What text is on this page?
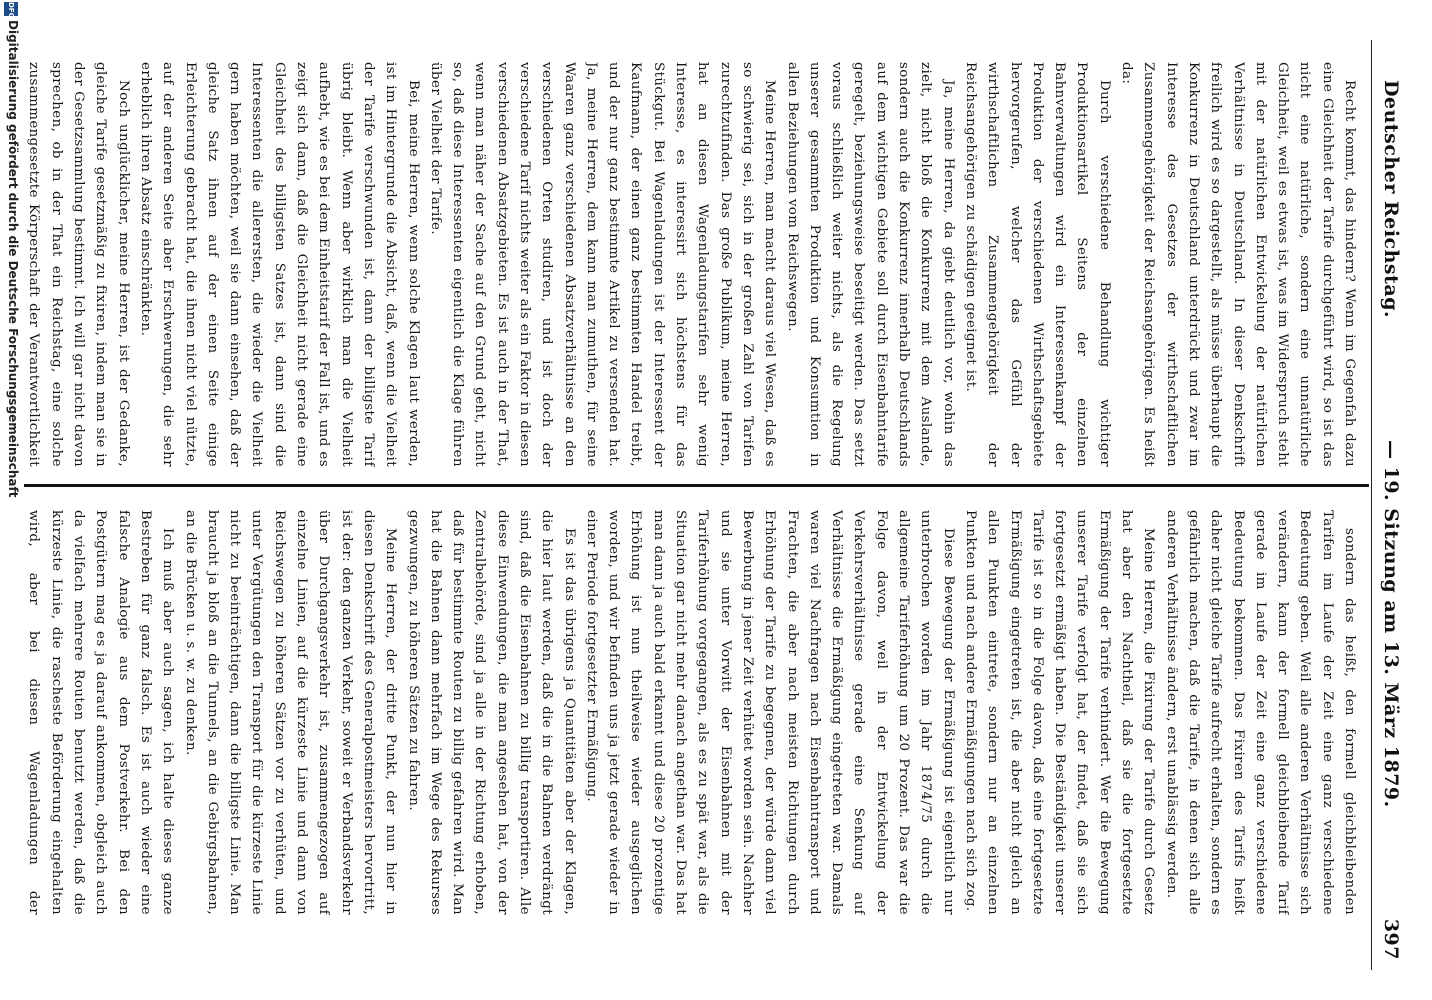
Deutscher Reichstag.
— 19. Sitzung am 13. März 1879.
397

Recht kommt, das hindern? Wenn im Gegenfah dazu eine Gleichheit der Tarife durchgeführt wird, so ist das nicht eine natürliche, sondern eine unnatürliche Gleichheit, weil es etwas ist, was im Widerspruch steht mit der natürlichen Entwickelung der natürlichen Verhältnisse in Deutschland. In dieser Denkschrift freilich wird es so dargestellt, als müsse überhaupt die Konkurrenz in Deutschland unterdrückt und zwar im Interesse des Gesetzes der wirthschaftlichen Zusammengehörigkeit der Reichsangehörigen. Es heißt da:

Durch verschiedene Behandlung wichtiger Produktionsartikel Seitens der einzelnen Bahnverwaltungen wird ein Interessenkampf der Produktion der verschiedenen Wirthschaftsgebiete hervorgerufen, welcher das Gefühl der wirthschaftlichen Zusammengehörigkeit der Reichsangehörigen zu schädigen geeignet ist.

Ja, meine Herren, da giebt deutlich vor, wohin das zielt, nicht bloß die Konkurrenz mit dem Auslande, sondern auch die Konkurrenz innerhalb Deutschlands auf dem wichtigen Gebiete soll durch Eisenbahntarife geregelt, beziehungsweise beseitigt werden. Das setzt voraus schließlich weiter nichts, als die Regelung unserer gesammten Produktion und Konsumtion in allen Beziehungen vom Reichswegen.

Meine Herren, man macht daraus viel Wesen, daß es so schwierig sei, sich in der großen Zahl von Tarifen zurechtzufinden. Das große Publikum, meine Herren, hat an diesen Wagenladungstarifen sehr wenig Interesse, es interessirt sich höchstens für das Stückgut. Bei Wagenladungen ist der Interessent der Kaufmann, der einen ganz bestimmten Handel treibt, und der nur ganz bestimmte Artikel zu versenden hat. Ja, meine Herren, dem kann man zumuthen, für seine Waaren ganz verschiedenen Absatzverhältnisse an den verschiedenen Orten studiren, und ist doch der verschiedene Tarif nichts weiter als ein Faktor in diesen verschiedenen Absatzgebieten. Es ist auch in der That, wenn man näher der Sache auf den Grund geht, nicht so, daß diese Interessenten eigentlich die Klage führen über Vielheit der Tarife.

Bei, meine Herren, wenn solche Klagen laut werden, ist im Hintergrunde die Absicht, daß, wenn die Vielheit der Tarife verschwunden ist, dann der billigste Tarif übrig bleibt. Wenn aber wirklich man die Vielheit aufhebt, wie es bei dem Einheitstarif der Fall ist, und es zeigt sich dann, daß die Gleichheit nicht gerade eine Gleichheit des billigsten Satzes ist, dann sind die Interessenten die allerersten, die wieder die Vielheit gern haben möchten, weil sie dann einsehen, daß der gleiche Satz ihnen auf der einen Seite einige Erleichterung gebracht hat, die ihnen nicht viel nützte, auf der anderen Seite aber Erschwerungen, die sehr erheblich ihren Absatz einschränkten.

Noch unglücklicher, meine Herren, ist der Gedanke, gleiche Tarife gesetzmäßig zu fixiren, indem man sie in der Gesetzsammlung bestimmt. Ich will gar nicht davon sprechen, ob in der That ein Reichstag, eine solche zusammengesetzte Körperschaft der Verantwortlichkeit

sondern das heißt, den formell gleichbleibenden Tarifen im Laufe der Zeit eine ganz verschiedene Bedeutung geben. Weil alle anderen Verhältnisse sich verändern, kann der formell gleichbleibende Tarif gerade im Laufe der Zeit eine ganz verschiedene Bedeutung bekommen. Das Fixiren des Tarifs heißt daher nicht gleiche Tarife aufrecht erhalten, sondern es gefährlich machen, daß die Tarife, in denen sich alle anderen Verhältnisse ändern, erst unablässig werden.

Meine Herren, die Fixirung der Tarife durch Gesetz hat aber den Nachtheil, daß sie die fortgesetzte Ermäßigung der Tarife verhindert. Wer die Bewegung unserer Tarife verfolgt hat, der findet, daß sie sich fortgesetzt ermäßigt haben. Die Beständigkeit unserer Tarife ist so in die Folge davon, daß eine fortgesetzte Ermäßigung eingetreten ist, die aber nicht gleich an allen Punkten eintrete, sondern nur an einzelnen Punkten und nach andere Ermäßigungen nach sich zog.

Diese Bewegung der Ermäßigung ist eigentlich nur unterbrochen worden im Jahr 1874/75 durch die allgemeine Tariferhöhung um 20 Prozent. Das war die Folge davon, weil in der Entwickelung der Verkehrsverhältnisse gerade eine Senkung auf Verhältnisse die Ermäßigung eingetreten war. Damals waren viel Nachfragen nach Eisenbahntransport und Frachten, die aber nach meisten Richtungen durch Erhöhung der Tarife zu begegnen, der würde dann viel Bewerbung in jener Zeit verhütet worden sein. Nachher und sie unter Vorwitt der Eisenbahnen mit der Tariferhöhung vorgegangen, als es zu spät war, als die Situation gar nicht mehr danach angethan war. Das hat man dann ja auch bald erkannt und diese 20 prozentige Erhöhung ist nun theilweise wieder ausgeglichen worden, und wir befinden uns ja jetzt gerade wieder in einer Periode fortgesetzter Ermäßigung.

Es ist das übrigens ja Quantitäten aber der Klagen, die hier laut werden, daß die in die Bahnen verdrängt sind, daß die Eisenbahnen zu billig transportiren. Alle diese Einwendungen, die man angesehen hat, von der Zentralbehörde, sind ja alle in der Richtung erhoben, daß für bestimmte Routen zu billig gefahren wird. Man hat die Bahnen dann mehrfach im Wege des Rekurses gezwungen, zu höheren Sätzen zu fahren.

Meine Herren, der dritte Punkt, der nun hier in diesen Denkschrift des Generalpostmeisters hervortritt, ist der: den ganzen Verkehr, soweit er Verbandsverkehr über Durchgangsverkehr ist, zusammengezogen auf einzelne Linien, auf die kürzeste Linie und dann von Reichswegen zu höheren Sätzen vor zu verhüten, und unter Vergütungen den Transport für die kürzeste Linie nicht zu beeinträchtigen, dann die billigste Linie. Man braucht ja bloß an die Tunnels, an die Gebirgsbahnen, an die Brücken u. s. w. zu denken.

Ich muß aber auch sagen, ich halte dieses ganze Bestreben für ganz falsch. Es ist auch wieder eine falsche Analogie aus dem Postverkehr. Bei den Postgütern mag es ja darauf ankommen, obgleich auch da vielfach mehrere Routen benutzt werden, daß die kürzeste Linie, die rascheste Beförderung eingehalten wird, aber bei diesen Wagenladungen der

DFG
Digitalisierung gefördert durch die Deutsche Forschungsgemeinschaft
